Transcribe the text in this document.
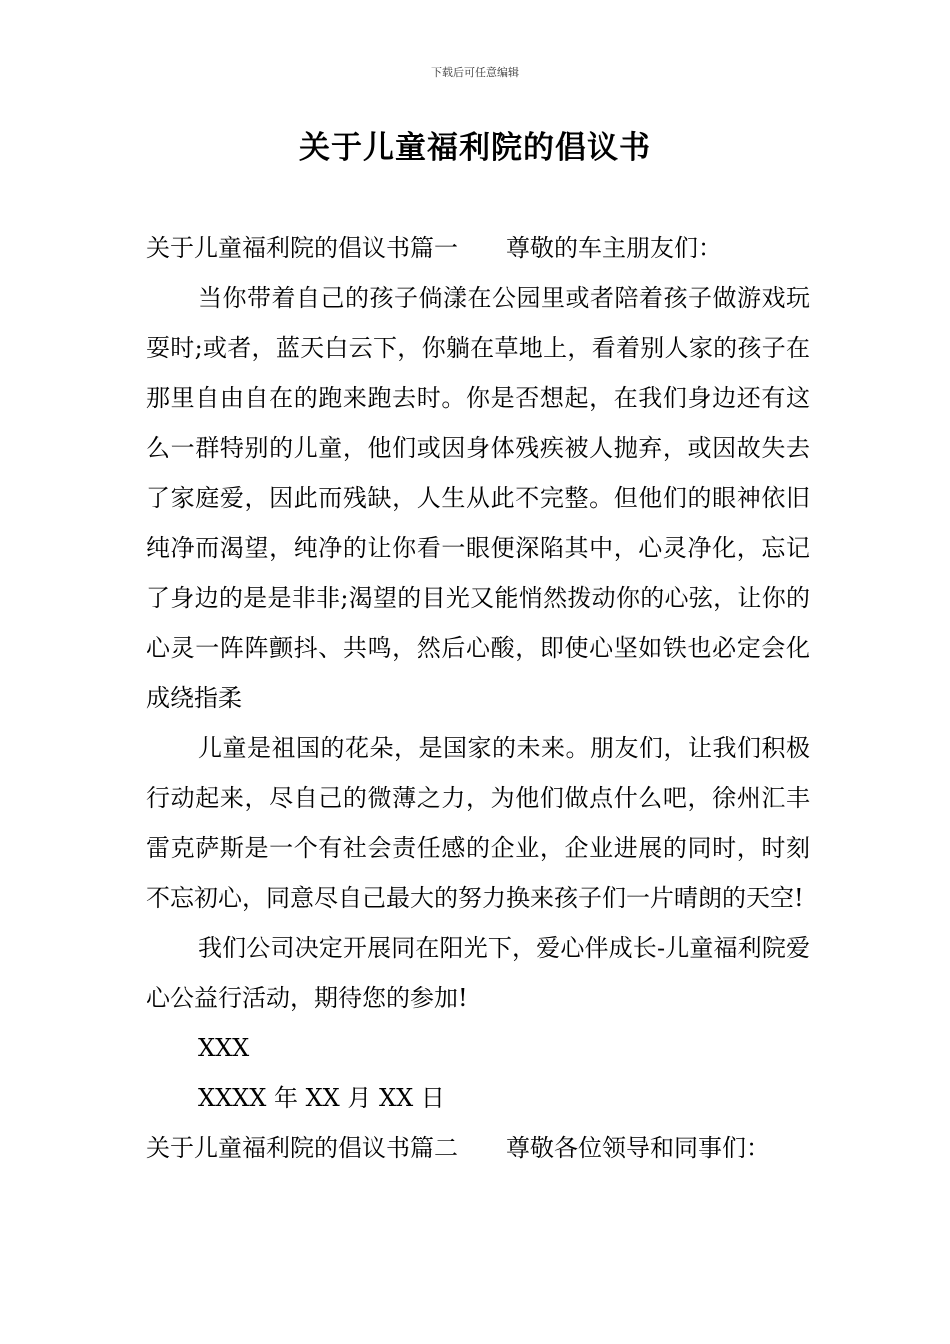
下载后可任意编辑
关于儿童福利院的倡议书

关于儿童福利院的倡议书篇一 尊敬的车主朋友们：

当你带着自己的孩子倘漾在公园里或者陪着孩子做游戏玩耍时;或者，蓝天白云下，你躺在草地上，看着别人家的孩子在那里自由自在的跑来跑去时。你是否想起，在我们身边还有这么一群特别的儿童，他们或因身体残疾被人抛弃，或因故失去了家庭爱，因此而残缺，人生从此不完整。但他们的眼神依旧纯净而渴望，纯净的让你看一眼便深陷其中，心灵净化，忘记了身边的是是非非;渴望的目光又能悄然拨动你的心弦，让你的心灵一阵阵颤抖、共鸣，然后心酸，即使心坚如铁也必定会化成绕指柔

儿童是祖国的花朵，是国家的未来。朋友们，让我们积极行动起来，尽自己的微薄之力，为他们做点什么吧，徐州汇丰雷克萨斯是一个有社会责任感的企业，企业进展的同时，时刻不忘初心，同意尽自己最大的努力换来孩子们一片晴朗的天空!

我们公司决定开展同在阳光下，爱心伴成长-儿童福利院爱心公益行活动，期待您的参加!

XXX

XXXX 年 XX 月 XX 日

关于儿童福利院的倡议书篇二 尊敬各位领导和同事们：
